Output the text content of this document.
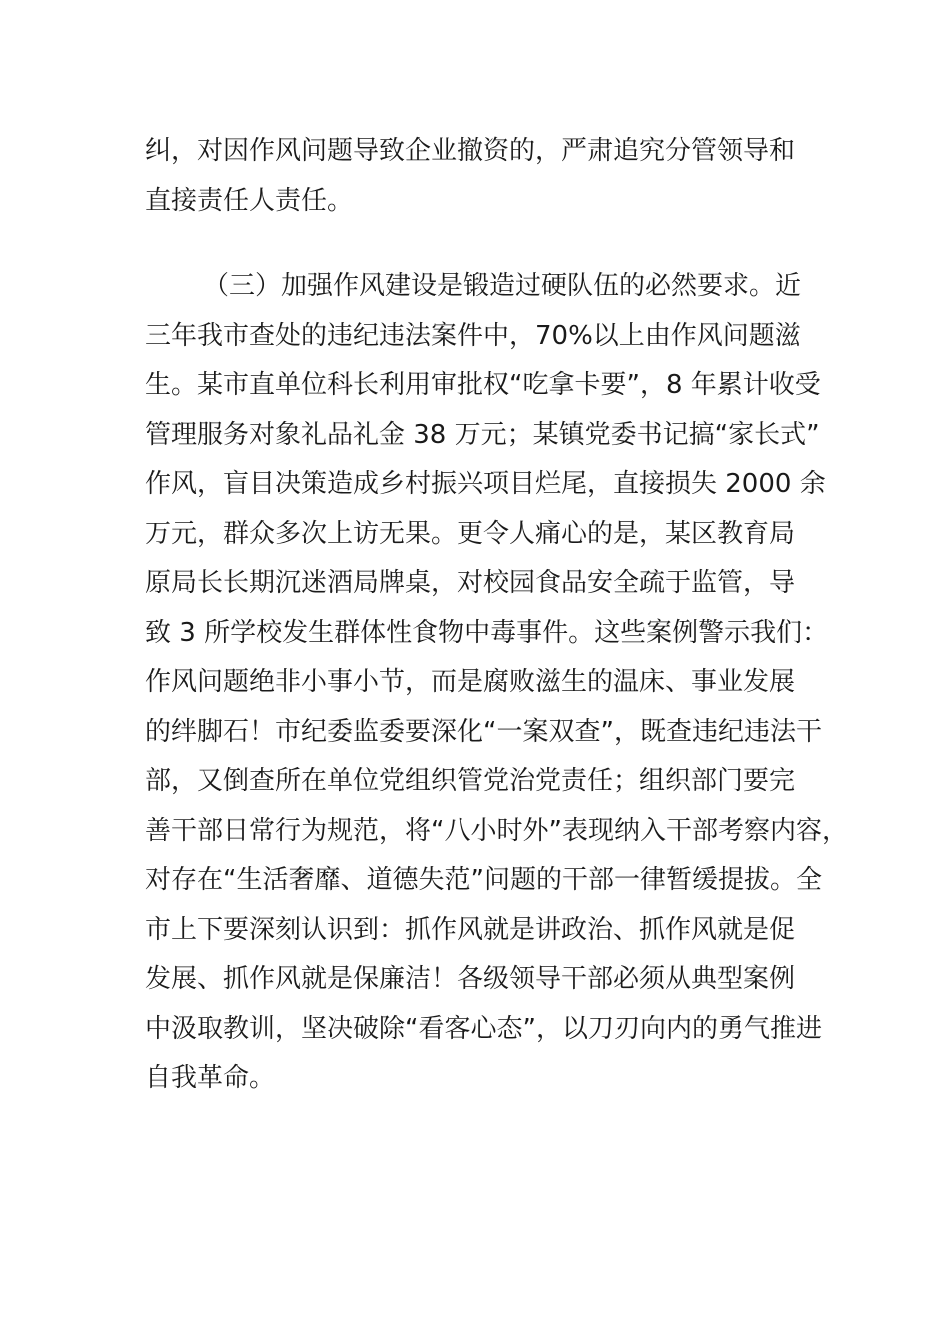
纠，对因作风问题导致企业撤资的，严肃追究分管领导和
直接责任人责任。
（三）加强作风建设是锻造过硬队伍的必然要求。近
三年我市查处的违纪违法案件中，70%以上由作风问题滋
生。某市直单位科长利用审批权“吃拿卡要”，8 年累计收受
管理服务对象礼品礼金 38 万元；某镇党委书记搞“家长式”
作风，盲目决策造成乡村振兴项目烂尾，直接损失 2000 余
万元，群众多次上访无果。更令人痛心的是，某区教育局
原局长长期沉迷酒局牌桌，对校园食品安全疏于监管，导
致 3 所学校发生群体性食物中毒事件。这些案例警示我们：
作风问题绝非小事小节，而是腐败滋生的温床、事业发展
的绊脚石！市纪委监委要深化“一案双查”，既查违纪违法干
部，又倒查所在单位党组织管党治党责任；组织部门要完
善干部日常行为规范，将“八小时外”表现纳入干部考察内容，
对存在“生活奢靡、道德失范”问题的干部一律暂缓提拔。全
市上下要深刻认识到：抓作风就是讲政治、抓作风就是促
发展、抓作风就是保廉洁！各级领导干部必须从典型案例
中汲取教训，坚决破除“看客心态”，以刀刃向内的勇气推进
自我革命。
